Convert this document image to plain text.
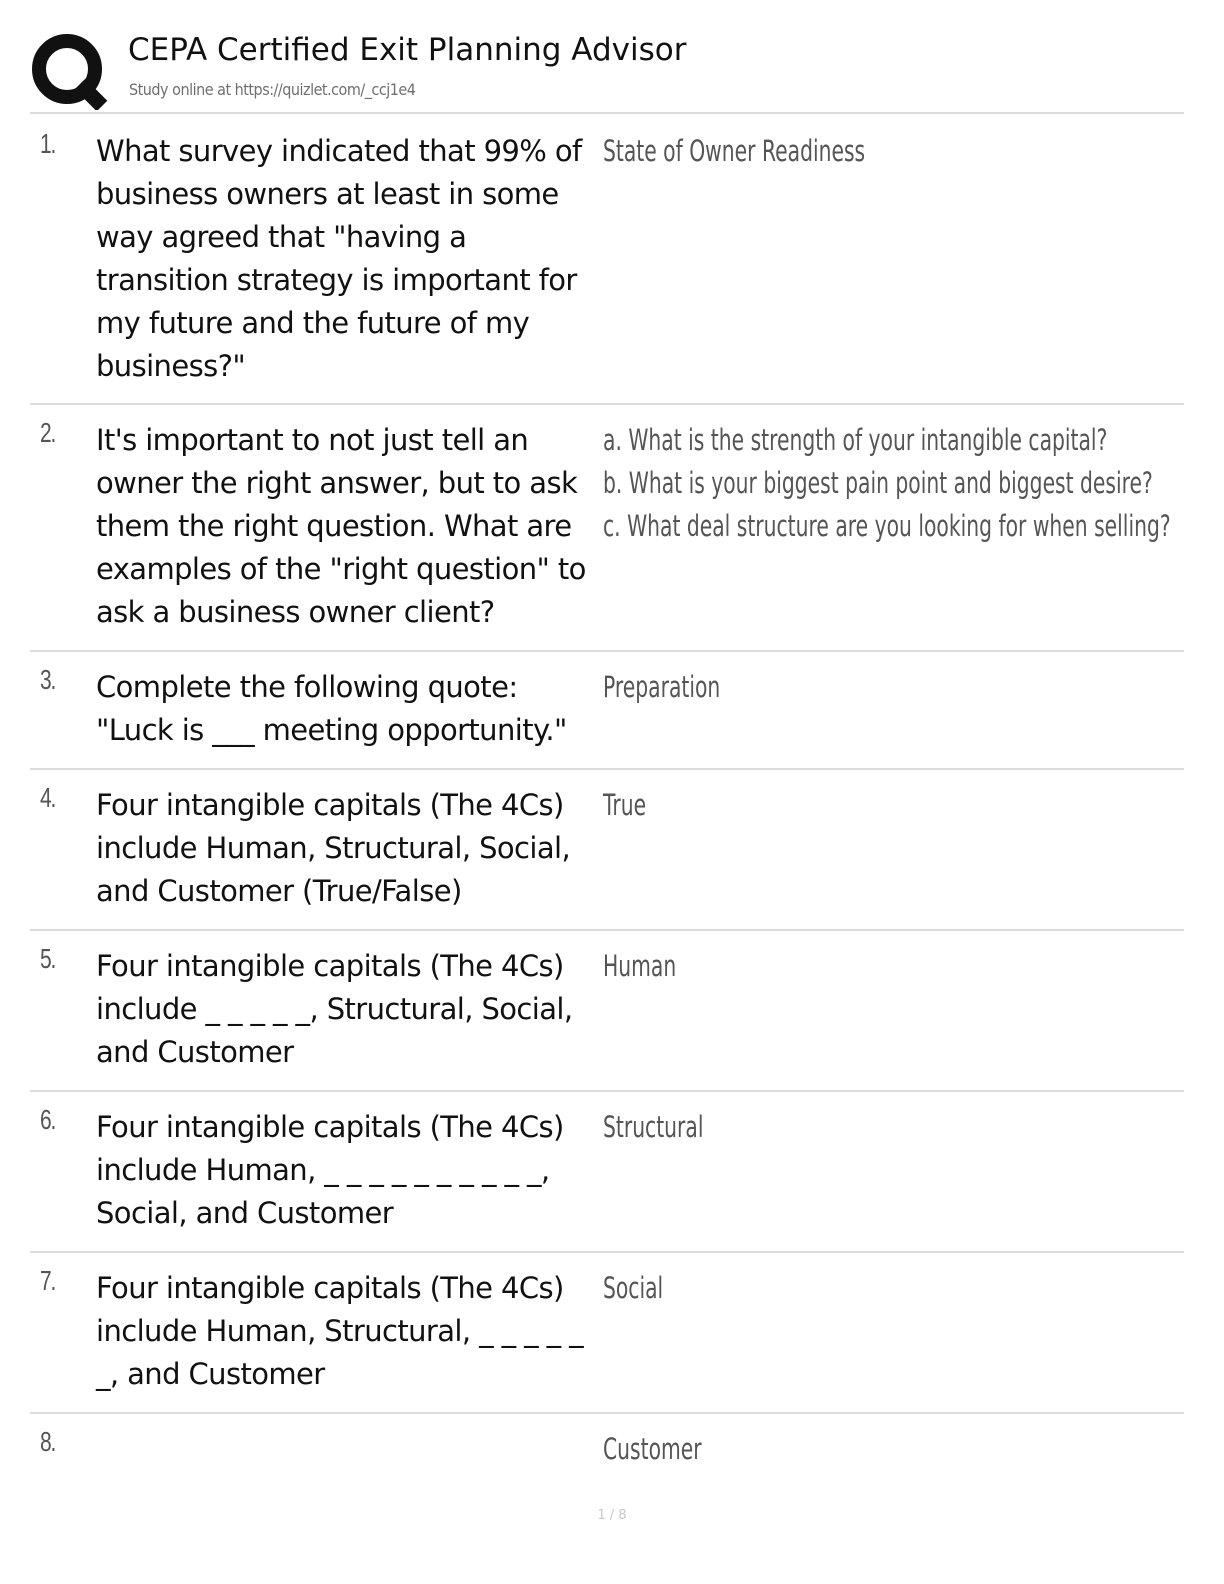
CEPA Certified Exit Planning Advisor
Study online at https://quizlet.com/_ccj1e4
1. What survey indicated that 99% of business owners at least in some way agreed that "having a transition strategy is important for my future and the future of my business?"
State of Owner Readiness
2. It's important to not just tell an owner the right answer, but to ask them the right question. What are examples of the "right question" to ask a business owner client?
a. What is the strength of your intangible capital?
b. What is your biggest pain point and biggest desire?
c. What deal structure are you looking for when selling?
3. Complete the following quote: "Luck is ___ meeting opportunity."
Preparation
4. Four intangible capitals (The 4Cs) include Human, Structural, Social, and Customer (True/False)
True
5. Four intangible capitals (The 4Cs) include _ _ _ _ _, Structural, Social, and Customer
Human
6. Four intangible capitals (The 4Cs) include Human, _ _ _ _ _ _ _ _ _ _, Social, and Customer
Structural
7. Four intangible capitals (The 4Cs) include Human, Structural, _ _ _ _ _ _, and Customer
Social
8.	Customer
1 / 8
